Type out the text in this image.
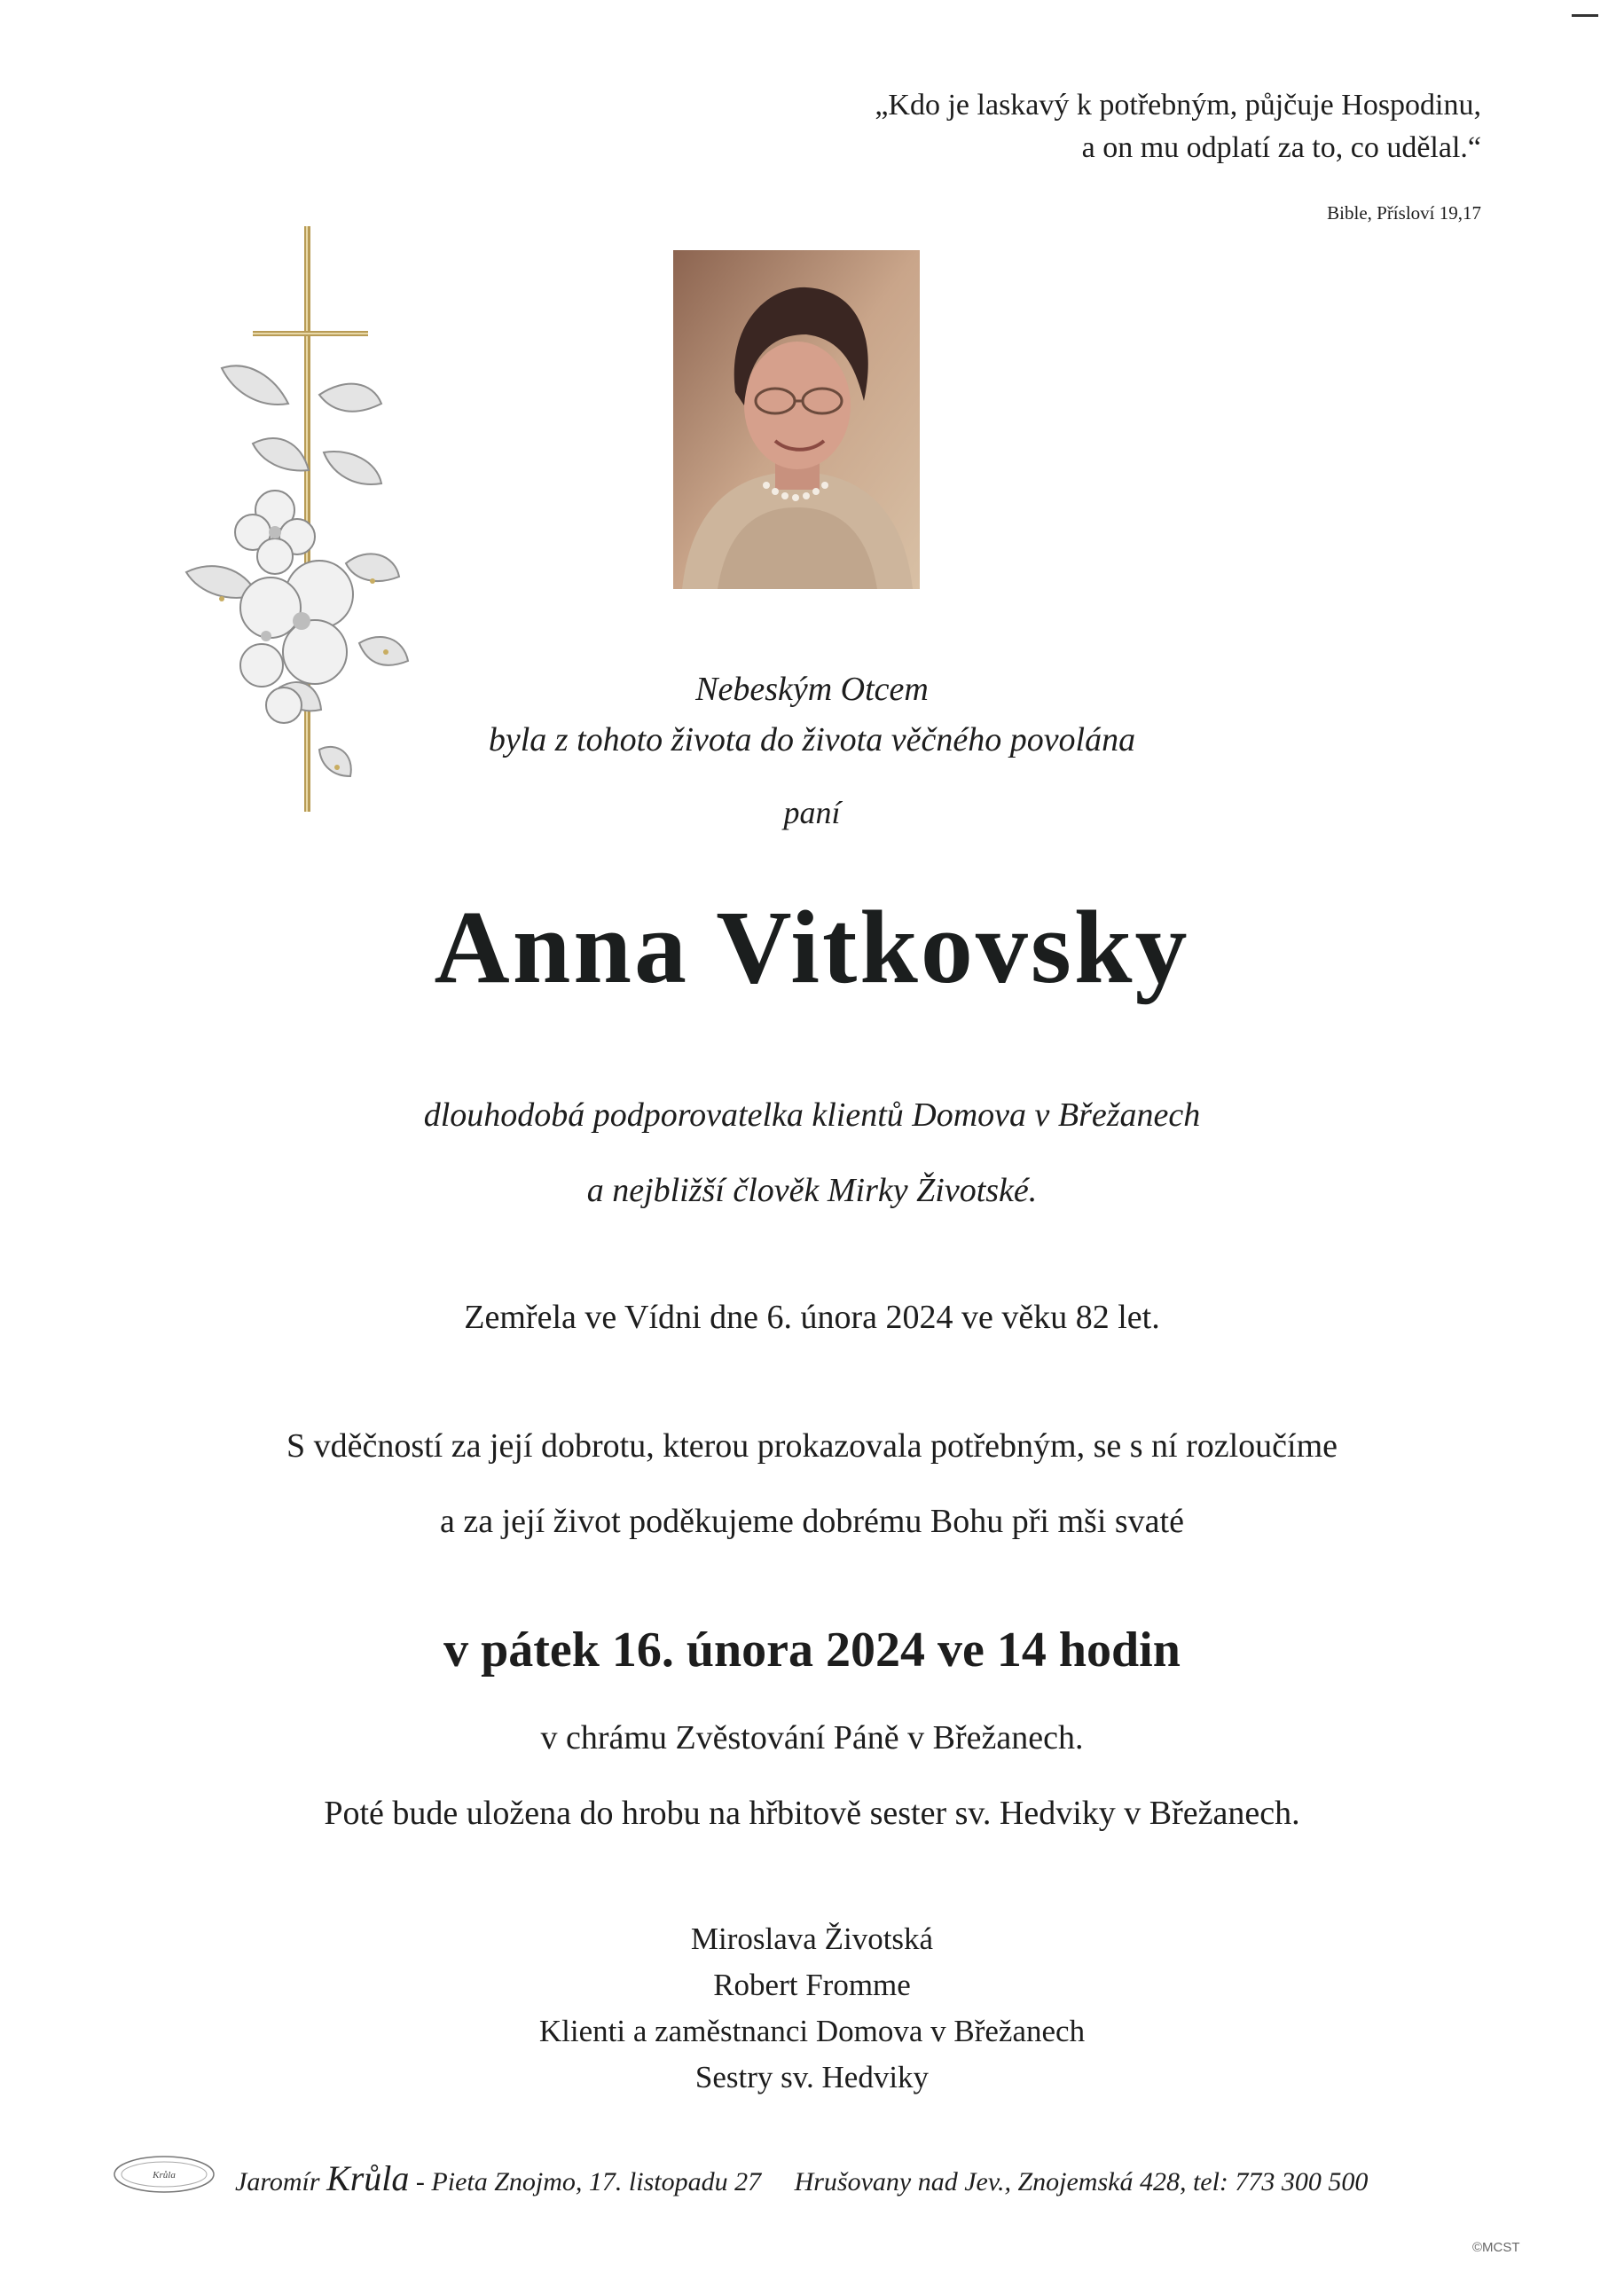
„Kdo je laskavý k potřebným, půjčuje Hospodinu,
a on mu odplatí za to, co udělal.“
Bible, Přísloví 19,17
Nebeským Otcem
byla z tohoto života do života věčného povolána
paní
Anna Vitkovsky
dlouhodobá podporovatelka klientů Domova v Břežanech
a nejbližší člověk Mirky Životské.
Zemřela ve Vídni dne 6. února 2024 ve věku 82 let.
S vděčností za její dobrotu, kterou prokazovala potřebným, se s ní rozloučíme
a za její život poděkujeme dobrému Bohu při mši svaté
v pátek 16. února 2024 ve 14 hodin
v chrámu Zvěstování Páně v Břežanech.
Poté bude uložena do hrobu na hřbitově sester sv. Hedviky v Břežanech.
Miroslava Životská
Robert Fromme
Klienti a zaměstnanci Domova v Břežanech
Sestry sv. Hedviky
Krůla Jaromír Krůla - Pieta Znojmo, 17. listopadu 27 Hrušovany nad Jev., Znojemská 428, tel: 773 300 500
©MCST
